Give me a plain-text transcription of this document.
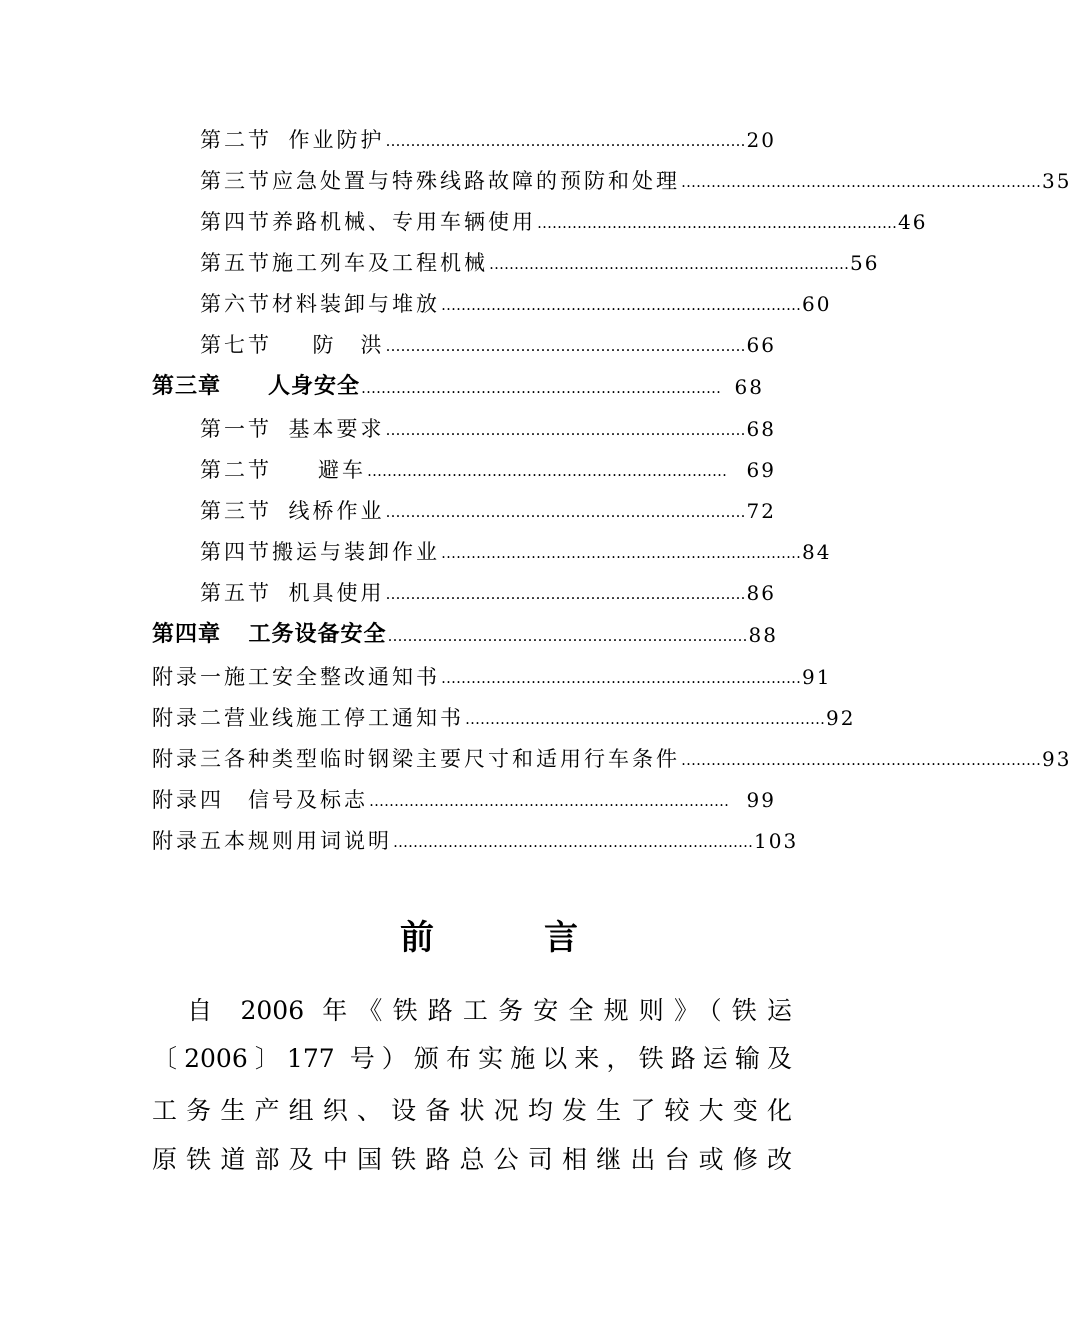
第二节 作业防护 ……………………………………………………………… 20
第三节 应急处置与特殊线路故障的预防和处理 ……………………………………………………………… 35
第四节 养路机械、专用车辆使用 ……………………………………………………………… 46
第五节 施工列车及工程机械 ……………………………………………………………… 56
第六节 材料装卸与堆放 ……………………………………………………………… 60
第七节	防　洪 ……………………………………………………………… 66
第三章	人身安全 ……………………………………………………………… 68
第一节 基本要求 ……………………………………………………………… 68
第二节	避车 ……………………………………………………………… 69
第三节 线桥作业 ……………………………………………………………… 72
第四节 搬运与装卸作业 ……………………………………………………………… 84
第五节 机具使用 ……………………………………………………………… 86
第四章	工务设备安全 ……………………………………………………………… 88
附录一 施工安全整改通知书 ……………………………………………………………… 91
附录二 营业线施工停工通知书 ……………………………………………………………… 92
附录三 各种类型临时钢梁主要尺寸和适用行车条件 ……………………………………………………………… 93
附录四	信号及标志 ……………………………………………………………… 99
附录五 本规则用词说明 ……………………………………………………………… 103
前	言
　自 2006 年《铁路工务安全规则》（铁运
〔2006〕177 号）颁布实施以来，铁路运输及
工务生产组织、设备状况均发生了较大变化
原铁道部及中国铁路总公司相继出台或修改
